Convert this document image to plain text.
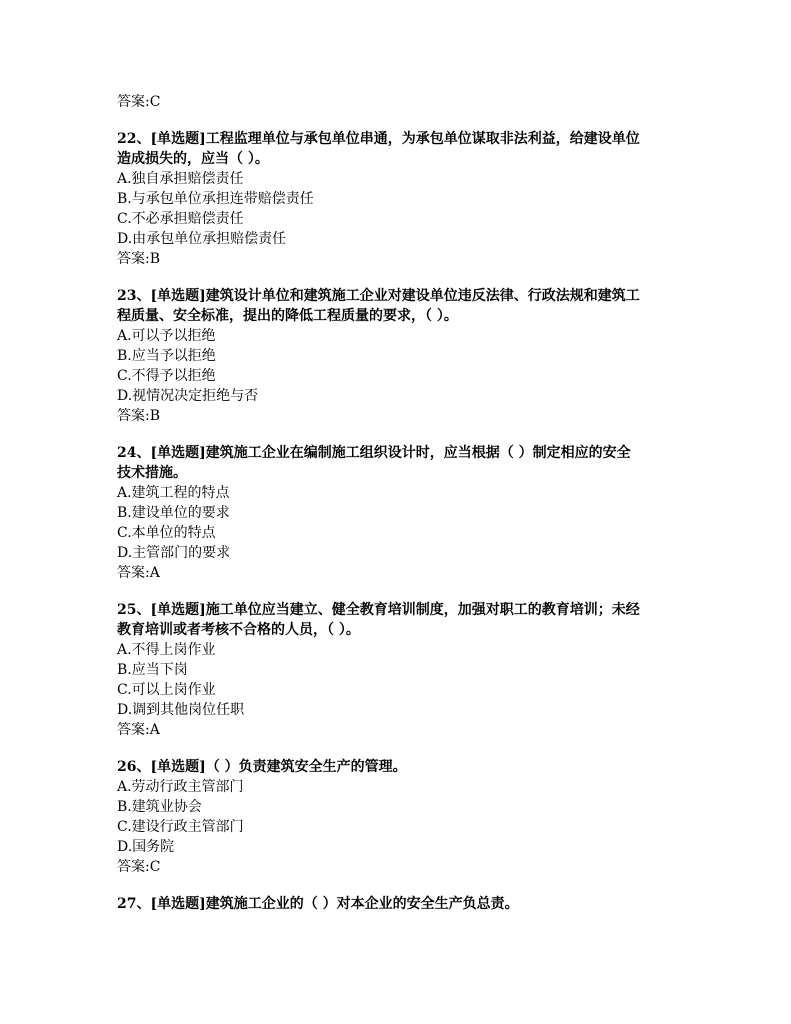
答案:C
22、[单选题]工程监理单位与承包单位串通，为承包单位谋取非法利益，给建设单位
造成损失的，应当（ ）。
A.独自承担赔偿责任
B.与承包单位承担连带赔偿责任
C.不必承担赔偿责任
D.由承包单位承担赔偿责任
答案:B
23、[单选题]建筑设计单位和建筑施工企业对建设单位违反法律、行政法规和建筑工
程质量、安全标准，提出的降低工程质量的要求，（ ）。
A.可以予以拒绝
B.应当予以拒绝
C.不得予以拒绝
D.视情况决定拒绝与否
答案:B
24、[单选题]建筑施工企业在编制施工组织设计时，应当根据（ ）制定相应的安全
技术措施。
A.建筑工程的特点
B.建设单位的要求
C.本单位的特点
D.主管部门的要求
答案:A
25、[单选题]施工单位应当建立、健全教育培训制度，加强对职工的教育培训；未经
教育培训或者考核不合格的人员，（ ）。
A.不得上岗作业
B.应当下岗
C.可以上岗作业
D.调到其他岗位任职
答案:A
26、[单选题]（ ）负责建筑安全生产的管理。
A.劳动行政主管部门
B.建筑业协会
C.建设行政主管部门
D.国务院
答案:C
27、[单选题]建筑施工企业的（ ）对本企业的安全生产负总责。
